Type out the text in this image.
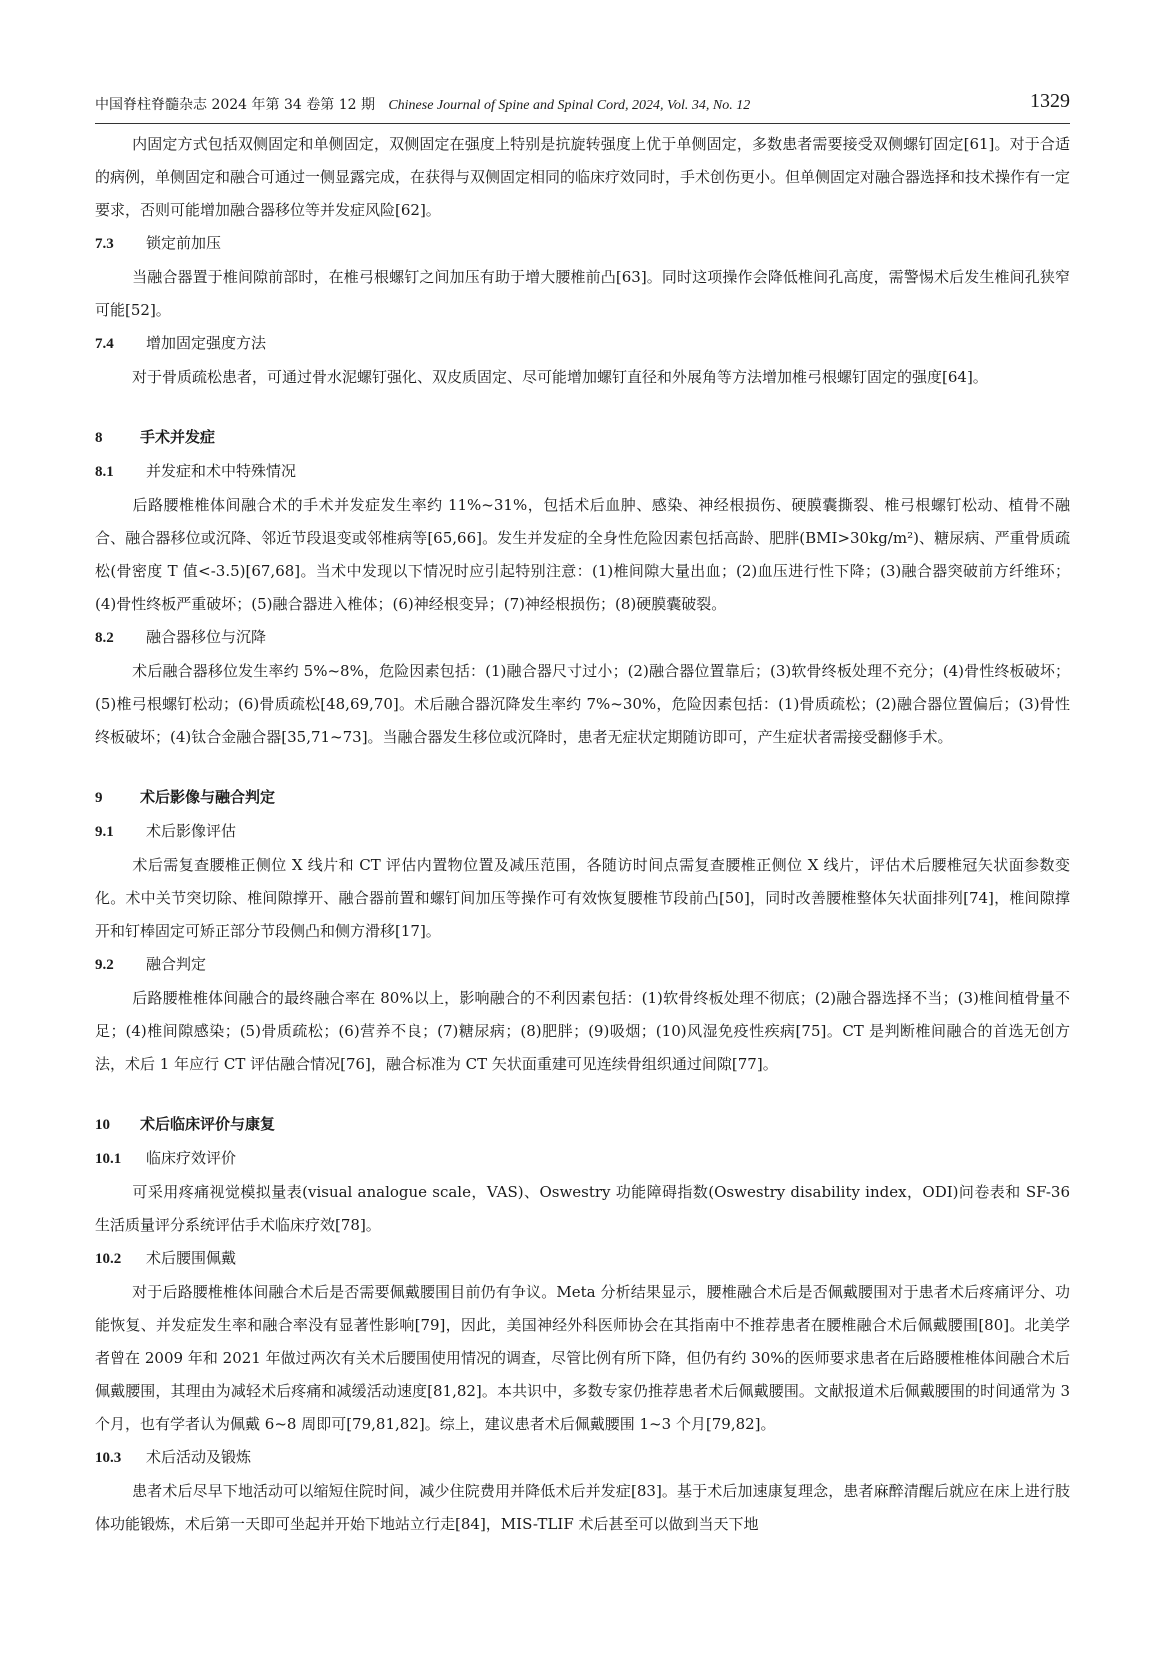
中国脊柱脊髓杂志 2024 年第 34 卷第 12 期 Chinese Journal of Spine and Spinal Cord, 2024, Vol. 34, No. 12	1329

内固定方式包括双侧固定和单侧固定，双侧固定在强度上特别是抗旋转强度上优于单侧固定，多数患者需要接受双侧螺钉固定[61]。对于合适的病例，单侧固定和融合可通过一侧显露完成，在获得与双侧固定相同的临床疗效同时，手术创伤更小。但单侧固定对融合器选择和技术操作有一定要求，否则可能增加融合器移位等并发症风险[62]。

7.3  锁定前加压

当融合器置于椎间隙前部时，在椎弓根螺钉之间加压有助于增大腰椎前凸[63]。同时这项操作会降低椎间孔高度，需警惕术后发生椎间孔狭窄可能[52]。

7.4  增加固定强度方法

对于骨质疏松患者，可通过骨水泥螺钉强化、双皮质固定、尽可能增加螺钉直径和外展角等方法增加椎弓根螺钉固定的强度[64]。

8 	手术并发症
8.1  并发症和术中特殊情况

后路腰椎椎体间融合术的手术并发症发生率约 11%~31%，包括术后血肿、感染、神经根损伤、硬膜囊撕裂、椎弓根螺钉松动、植骨不融合、融合器移位或沉降、邻近节段退变或邻椎病等[65,66]。发生并发症的全身性危险因素包括高龄、肥胖(BMI>30kg/m²)、糖尿病、严重骨质疏松(骨密度 T 值<-3.5)[67,68]。当术中发现以下情况时应引起特别注意：(1)椎间隙大量出血；(2)血压进行性下降；(3)融合器突破前方纤维环；(4)骨性终板严重破坏；(5)融合器进入椎体；(6)神经根变异；(7)神经根损伤；(8)硬膜囊破裂。

8.2  融合器移位与沉降

术后融合器移位发生率约 5%~8%，危险因素包括：(1)融合器尺寸过小；(2)融合器位置靠后；(3)软骨终板处理不充分；(4)骨性终板破坏；(5)椎弓根螺钉松动；(6)骨质疏松[48,69,70]。术后融合器沉降发生率约 7%~30%，危险因素包括：(1)骨质疏松；(2)融合器位置偏后；(3)骨性终板破坏；(4)钛合金融合器[35,71~73]。当融合器发生移位或沉降时，患者无症状定期随访即可，产生症状者需接受翻修手术。

9 	术后影像与融合判定
9.1  术后影像评估

术后需复查腰椎正侧位 X 线片和 CT 评估内置物位置及减压范围，各随访时间点需复查腰椎正侧位 X 线片，评估术后腰椎冠矢状面参数变化。术中关节突切除、椎间隙撑开、融合器前置和螺钉间加压等操作可有效恢复腰椎节段前凸[50]，同时改善腰椎整体矢状面排列[74]，椎间隙撑开和钉棒固定可矫正部分节段侧凸和侧方滑移[17]。

9.2  融合判定

后路腰椎椎体间融合的最终融合率在 80%以上，影响融合的不利因素包括：(1)软骨终板处理不彻底；(2)融合器选择不当；(3)椎间植骨量不足；(4)椎间隙感染；(5)骨质疏松；(6)营养不良；(7)糖尿病；(8)肥胖；(9)吸烟；(10)风湿免疫性疾病[75]。CT 是判断椎间融合的首选无创方法，术后 1 年应行 CT 评估融合情况[76]，融合标准为 CT 矢状面重建可见连续骨组织通过间隙[77]。

10  术后临床评价与康复
10.1  临床疗效评价

可采用疼痛视觉模拟量表(visual analogue scale，VAS)、Oswestry 功能障碍指数(Oswestry disability index，ODI)问卷表和 SF-36 生活质量评分系统评估手术临床疗效[78]。

10.2  术后腰围佩戴

对于后路腰椎椎体间融合术后是否需要佩戴腰围目前仍有争议。Meta 分析结果显示，腰椎融合术后是否佩戴腰围对于患者术后疼痛评分、功能恢复、并发症发生率和融合率没有显著性影响[79]，因此，美国神经外科医师协会在其指南中不推荐患者在腰椎融合术后佩戴腰围[80]。北美学者曾在 2009 年和 2021 年做过两次有关术后腰围使用情况的调查，尽管比例有所下降，但仍有约 30%的医师要求患者在后路腰椎椎体间融合术后佩戴腰围，其理由为减轻术后疼痛和减缓活动速度[81,82]。本共识中，多数专家仍推荐患者术后佩戴腰围。文献报道术后佩戴腰围的时间通常为 3 个月，也有学者认为佩戴 6~8 周即可[79,81,82]。综上，建议患者术后佩戴腰围 1~3 个月[79,82]。

10.3  术后活动及锻炼

患者术后尽早下地活动可以缩短住院时间，减少住院费用并降低术后并发症[83]。基于术后加速康复理念，患者麻醉清醒后就应在床上进行肢体功能锻炼，术后第一天即可坐起并开始下地站立行走[84]，MIS-TLIF 术后甚至可以做到当天下地
